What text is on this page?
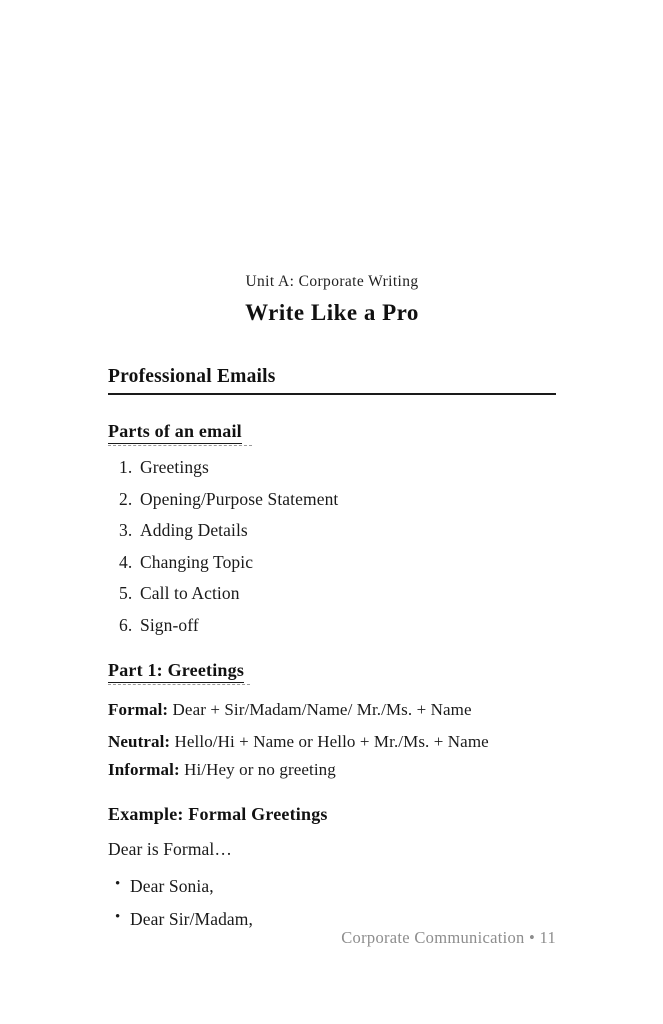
Unit A: Corporate Writing
Write Like a Pro
Professional Emails
Parts of an email
1. Greetings
2. Opening/Purpose Statement
3. Adding Details
4. Changing Topic
5. Call to Action
6. Sign-off
Part 1: Greetings
Formal: Dear + Sir/Madam/Name/ Mr./Ms. + Name
Neutral: Hello/Hi + Name or Hello + Mr./Ms. + Name
Informal: Hi/Hey or no greeting
Example: Formal Greetings
Dear is Formal…
• Dear Sonia,
• Dear Sir/Madam,
Corporate Communication • 11
